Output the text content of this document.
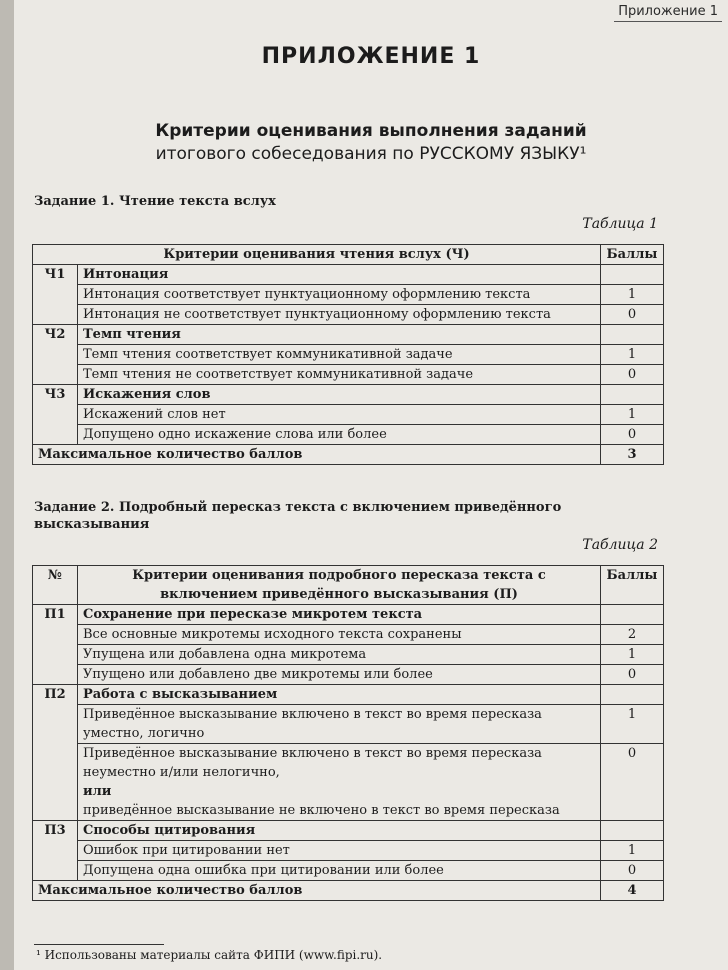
Приложение 1
ПРИЛОЖЕНИЕ 1
Критерии оценивания выполнения заданий
итогового собеседования по РУССКОМУ ЯЗЫКУ¹
Задание 1. Чтение текста вслух
Таблица 1
Критерии оценивания чтения вслух (Ч)		Баллы
Ч1	Интонация	
	Интонация соответствует пунктуационному оформлению текста	1
	Интонация не соответствует пунктуационному оформлению текста	0
Ч2	Темп чтения	
	Темп чтения соответствует коммуникативной задаче	1
	Темп чтения не соответствует коммуникативной задаче	0
Ч3	Искажения слов	
	Искажений слов нет	1
	Допущено одно искажение слова или более	0
Максимальное количество баллов		3
Задание 2. Подробный пересказ текста с включением приведённого высказывания
Таблица 2
№	Критерии оценивания подробного пересказа текста с включением приведённого высказывания (П)	Баллы
П1	Сохранение при пересказе микротем текста	
	Все основные микротемы исходного текста сохранены	2
	Упущена или добавлена одна микротема	1
	Упущено или добавлено две микротемы или более	0
П2	Работа с высказыванием	
	Приведённое высказывание включено в текст во время пересказа уместно, логично	1

	Приведённое высказывание включено в текст во время пересказа неуместно и/или нелогично,
или
приведённое высказывание не включено в текст во время пересказа	0
П3	Способы цитирования	
	Ошибок при цитировании нет	1
	Допущена одна ошибка при цитировании или более	0
Максимальное количество баллов		4
¹ Использованы материалы сайта ФИПИ (www.fipi.ru).
